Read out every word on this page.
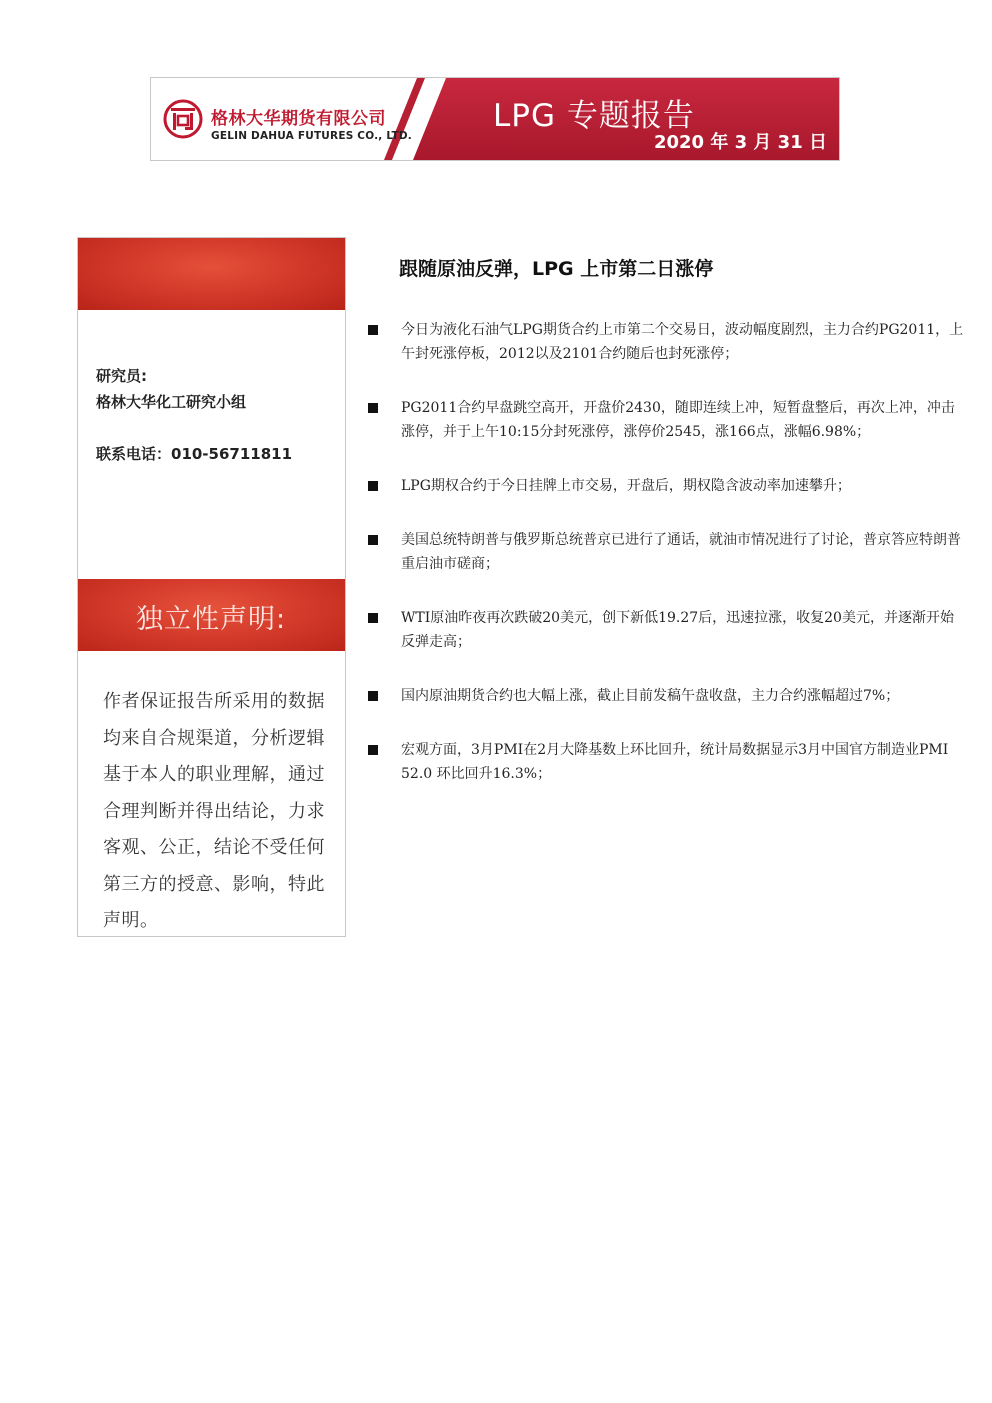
格林大华期货有限公司
GELIN DAHUA FUTURES CO., LTD.
LPG 专题报告
2020 年 3 月 31 日
研究员:
格林大华化工研究小组
联系电话：010-56711811
独立性声明:
作者保证报告所采用的数据均来自合规渠道，分析逻辑基于本人的职业理解，通过合理判断并得出结论，力求客观、公正，结论不受任何第三方的授意、影响，特此声明。
跟随原油反弹，LPG 上市第二日涨停
今日为液化石油气LPG期货合约上市第二个交易日，波动幅度剧烈，主力合约PG2011，上午封死涨停板，2012以及2101合约随后也封死涨停；
PG2011合约早盘跳空高开，开盘价2430，随即连续上冲，短暂盘整后，再次上冲，冲击涨停，并于上午10:15分封死涨停，涨停价2545，涨166点，涨幅6.98%；
LPG期权合约于今日挂牌上市交易，开盘后，期权隐含波动率加速攀升；
美国总统特朗普与俄罗斯总统普京已进行了通话，就油市情况进行了讨论，普京答应特朗普重启油市磋商；
WTI原油昨夜再次跌破20美元，创下新低19.27后，迅速拉涨，收复20美元，并逐渐开始反弹走高；
国内原油期货合约也大幅上涨，截止目前发稿午盘收盘，主力合约涨幅超过7%；
宏观方面，3月PMI在2月大降基数上环比回升，统计局数据显示3月中国官方制造业PMI 52.0 环比回升16.3%；
